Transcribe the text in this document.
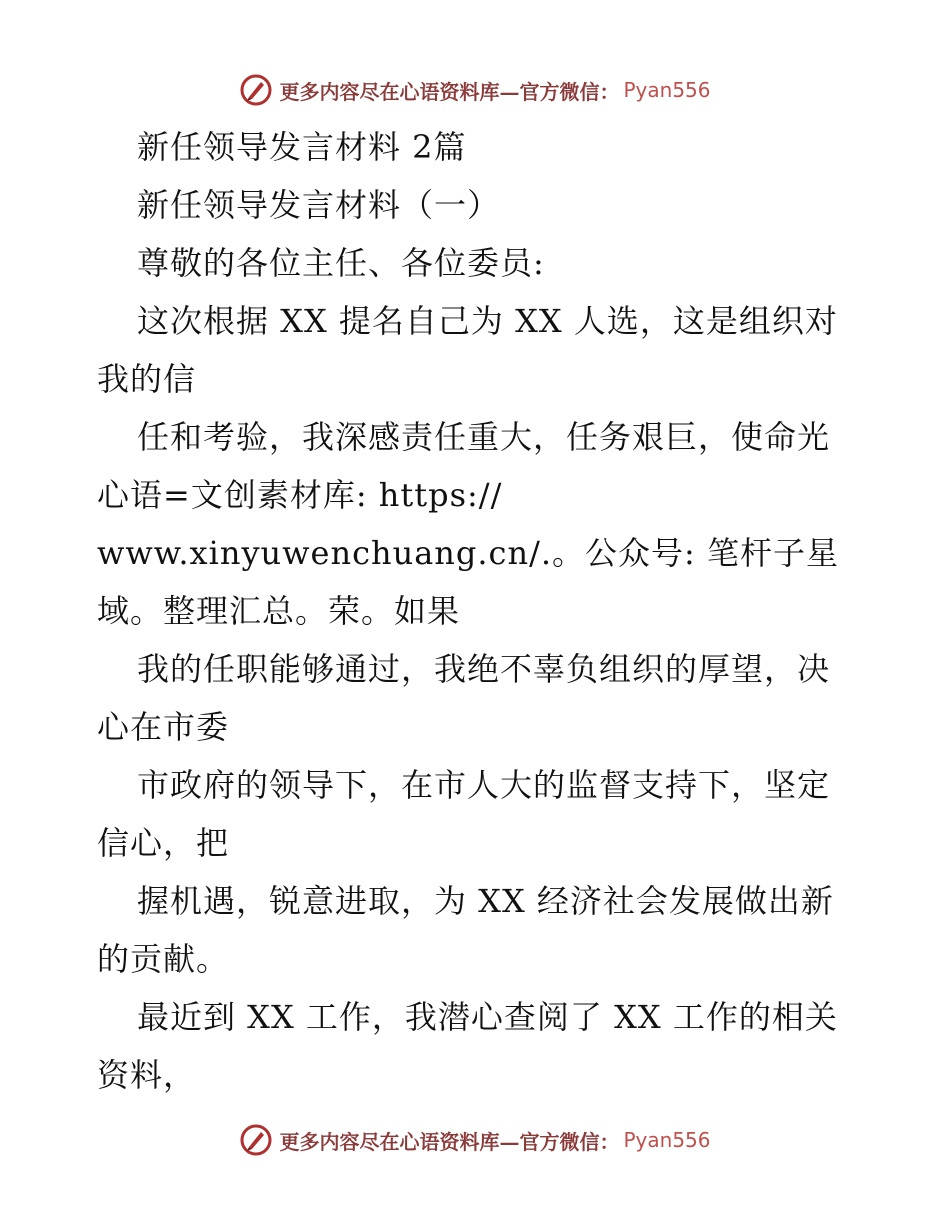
更多内容尽在心语资料库—官方微信： Pyan556
新任领导发言材料 2篇
新任领导发言材料（一）
尊敬的各位主任、各位委员:
这次根据 XX 提名自己为 XX 人选，这是组织对
我的信
任和考验，我深感责任重大，任务艰巨，使命光
心语=文创素材库: https://
www.xinyuwenchuang.cn/.。公众号: 笔杆子星
域。整理汇总。荣。如果
我的任职能够通过，我绝不辜负组织的厚望，决
心在市委
市政府的领导下，在市人大的监督支持下，坚定
信心，把
握机遇，锐意进取，为 XX 经济社会发展做出新
的贡献。
最近到 XX 工作，我潜心查阅了 XX 工作的相关
资料，
更多内容尽在心语资料库—官方微信： Pyan556
